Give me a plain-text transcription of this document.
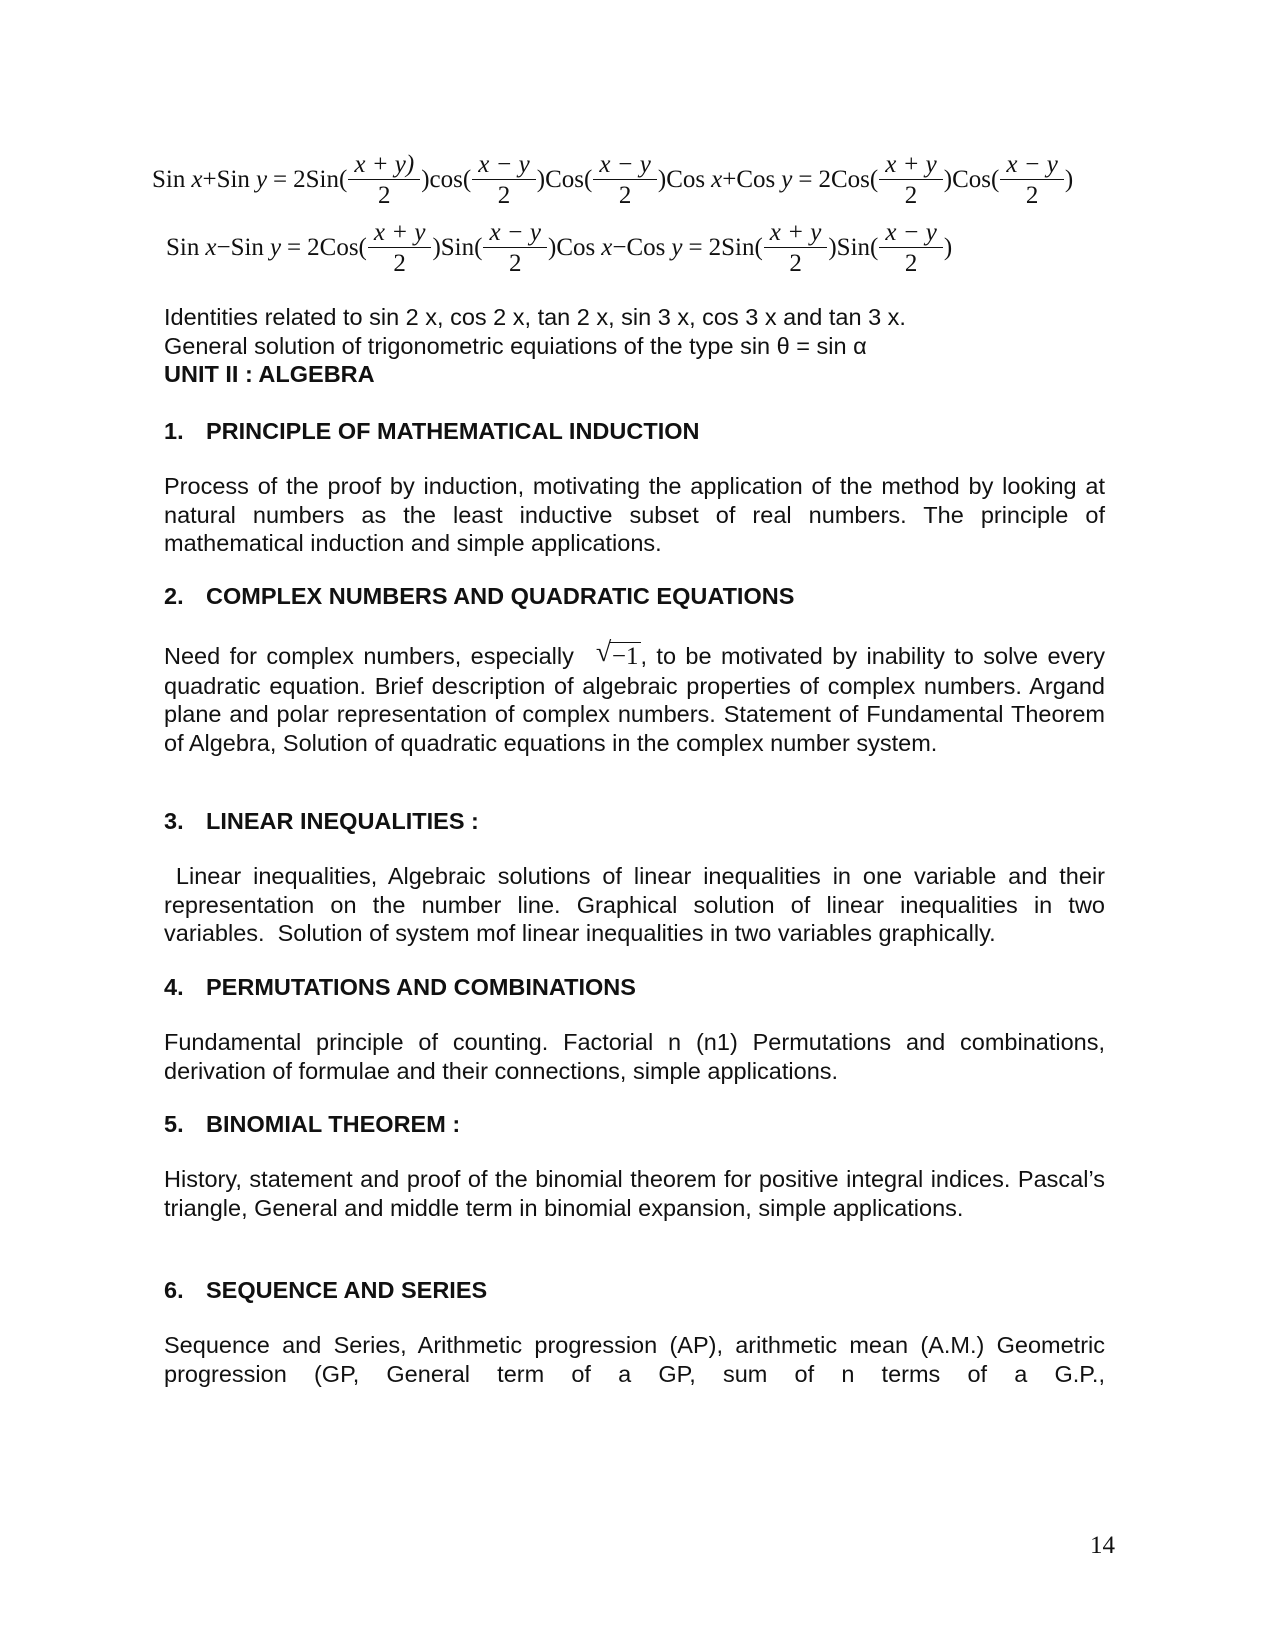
Sin x + Sin $y = 2Sin( \frac{x + y)}{2} )\cos( \frac{x - y}{2} )Cos( \frac{x - y}{2} )Cos$ x + Cos $y = 2Cos( \frac{x + y}{2} )Cos( \frac{x - y}{2}$ )
Sin x − Sin $y = 2Cos( \frac{x + y}{2} )Sin( \frac{x - y}{2} )Cos$ x − Cos $y = 2Sin( \frac{x + y}{2} )Sin( \frac{x - y}{2}$ )
Identities related to sin 2 x, cos 2 x, tan 2 x, sin 3 x, cos 3 x and tan 3 x.
General solution of trigonometric equiations of the type sin θ = sin α
UNIT II : ALGEBRA
1. PRINCIPLE OF MATHEMATICAL INDUCTION
Process of the proof by induction, motivating the application of the method by looking at natural numbers as the least inductive subset of real numbers. The principle of mathematical induction and simple applications.
2. COMPLEX NUMBERS AND QUADRATIC EQUATIONS
Need for complex numbers, especially √ −1, to be motivated by inability to solve every quadratic equation. Brief description of algebraic properties of complex numbers. Argand plane and polar representation of complex numbers. Statement of Fundamental Theorem of Algebra, Solution of quadratic equations in the complex number system.
3. LINEAR INEQUALITIES :
Linear inequalities, Algebraic solutions of linear inequalities in one variable and their representation on the number line. Graphical solution of linear inequalities in two variables.  Solution of system mof linear inequalities in two variables graphically.
4. PERMUTATIONS AND COMBINATIONS
Fundamental principle of counting. Factorial n (n1) Permutations and combinations, derivation of formulae and their connections, simple applications.
5. BINOMIAL THEOREM :
History, statement and proof of the binomial theorem for positive integral indices. Pascal’s triangle, General and middle term in binomial expansion, simple applications.
6. SEQUENCE AND SERIES
Sequence and Series, Arithmetic progression (AP), arithmetic mean (A.M.) Geometric progression (GP, General term of a GP, sum of n terms of a G.P.,
14
